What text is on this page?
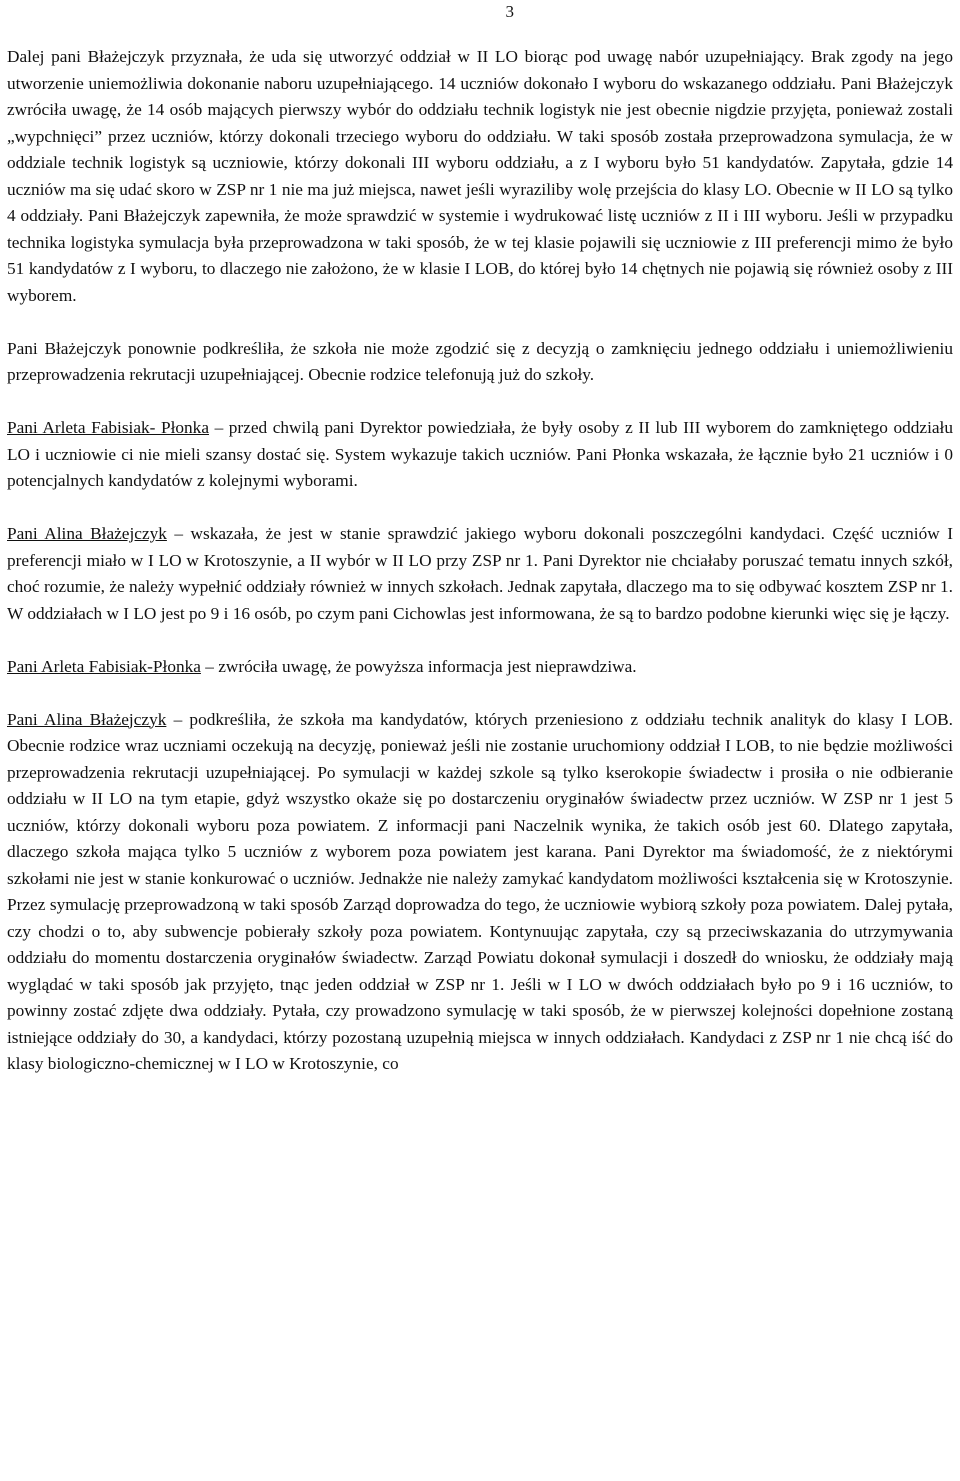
3

Dalej pani Błażejczyk przyznała, że uda się utworzyć oddział w II LO biorąc pod uwagę nabór uzupełniający. Brak zgody na jego utworzenie uniemożliwia dokonanie naboru uzupełniającego. 14 uczniów dokonało I wyboru do wskazanego oddziału. Pani Błażejczyk zwróciła uwagę, że 14 osób mających pierwszy wybór do oddziału technik logistyk nie jest obecnie nigdzie przyjęta, ponieważ zostali „wypchnięci” przez uczniów, którzy dokonali trzeciego wyboru do oddziału. W taki sposób została przeprowadzona symulacja, że w oddziale technik logistyk są uczniowie, którzy dokonali III wyboru oddziału, a z I wyboru było 51 kandydatów. Zapytała, gdzie 14 uczniów ma się udać skoro w ZSP nr 1 nie ma już miejsca, nawet jeśli wyraziliby wolę przejścia do klasy LO. Obecnie w II LO są tylko 4 oddziały. Pani Błażejczyk zapewniła, że może sprawdzić w systemie i wydrukować listę uczniów z II i III wyboru. Jeśli w przypadku technika logistyka symulacja była przeprowadzona w taki sposób, że w tej klasie pojawili się uczniowie z III preferencji mimo że było 51 kandydatów z I wyboru, to dlaczego nie założono, że w klasie I LOB, do której było 14 chętnych nie pojawią się również osoby z III wyborem.

Pani Błażejczyk ponownie podkreśliła, że szkoła nie może zgodzić się z decyzją o zamknięciu jednego oddziału i uniemożliwieniu przeprowadzenia rekrutacji uzupełniającej. Obecnie rodzice telefonują już do szkoły.

Pani Arleta Fabisiak- Płonka – przed chwilą pani Dyrektor powiedziała, że były osoby z II lub III wyborem do zamkniętego oddziału LO i uczniowie ci nie mieli szansy dostać się. System wykazuje takich uczniów. Pani Płonka wskazała, że łącznie było 21 uczniów i 0 potencjalnych kandydatów z kolejnymi wyborami.

Pani Alina Błażejczyk – wskazała, że jest w stanie sprawdzić jakiego wyboru dokonali poszczególni kandydaci. Część uczniów I preferencji miało w I LO w Krotoszynie, a II wybór w II LO przy ZSP nr 1. Pani Dyrektor nie chciałaby poruszać tematu innych szkół, choć rozumie, że należy wypełnić oddziały również w innych szkołach. Jednak zapytała, dlaczego ma to się odbywać kosztem ZSP nr 1. W oddziałach w I LO jest po 9 i 16 osób, po czym pani Cichowlas jest informowana, że są to bardzo podobne kierunki więc się je łączy.

Pani Arleta Fabisiak-Płonka – zwróciła uwagę, że powyższa informacja jest nieprawdziwa.

Pani Alina Błażejczyk – podkreśliła, że szkoła ma kandydatów, których przeniesiono z oddziału technik analityk do klasy I LOB. Obecnie rodzice wraz uczniami oczekują na decyzję, ponieważ jeśli nie zostanie uruchomiony oddział I LOB, to nie będzie możliwości przeprowadzenia rekrutacji uzupełniającej. Po symulacji w każdej szkole są tylko kserokopie świadectw i prosiła o nie odbieranie oddziału w II LO na tym etapie, gdyż wszystko okaże się po dostarczeniu oryginałów świadectw przez uczniów. W ZSP nr 1 jest 5 uczniów, którzy dokonali wyboru poza powiatem. Z informacji pani Naczelnik wynika, że takich osób jest 60. Dlatego zapytała, dlaczego szkoła mająca tylko 5 uczniów z wyborem poza powiatem jest karana. Pani Dyrektor ma świadomość, że z niektórymi szkołami nie jest w stanie konkurować o uczniów. Jednakże nie należy zamykać kandydatom możliwości kształcenia się w Krotoszynie. Przez symulację przeprowadzoną w taki sposób Zarząd doprowadza do tego, że uczniowie wybiorą szkoły poza powiatem. Dalej pytała, czy chodzi o to, aby subwencje pobierały szkoły poza powiatem. Kontynuując zapytała, czy są przeciwskazania do utrzymywania oddziału do momentu dostarczenia oryginałów świadectw. Zarząd Powiatu dokonał symulacji i doszedł do wniosku, że oddziały mają wyglądać w taki sposób jak przyjęto, tnąc jeden oddział w ZSP nr 1. Jeśli w I LO w dwóch oddziałach było po 9 i 16 uczniów, to powinny zostać zdjęte dwa oddziały. Pytała, czy prowadzono symulację w taki sposób, że w pierwszej kolejności dopełnione zostaną istniejące oddziały do 30, a kandydaci, którzy pozostaną uzupełnią miejsca w innych oddziałach. Kandydaci z ZSP nr 1 nie chcą iść do klasy biologiczno-chemicznej w I LO w Krotoszynie, co
